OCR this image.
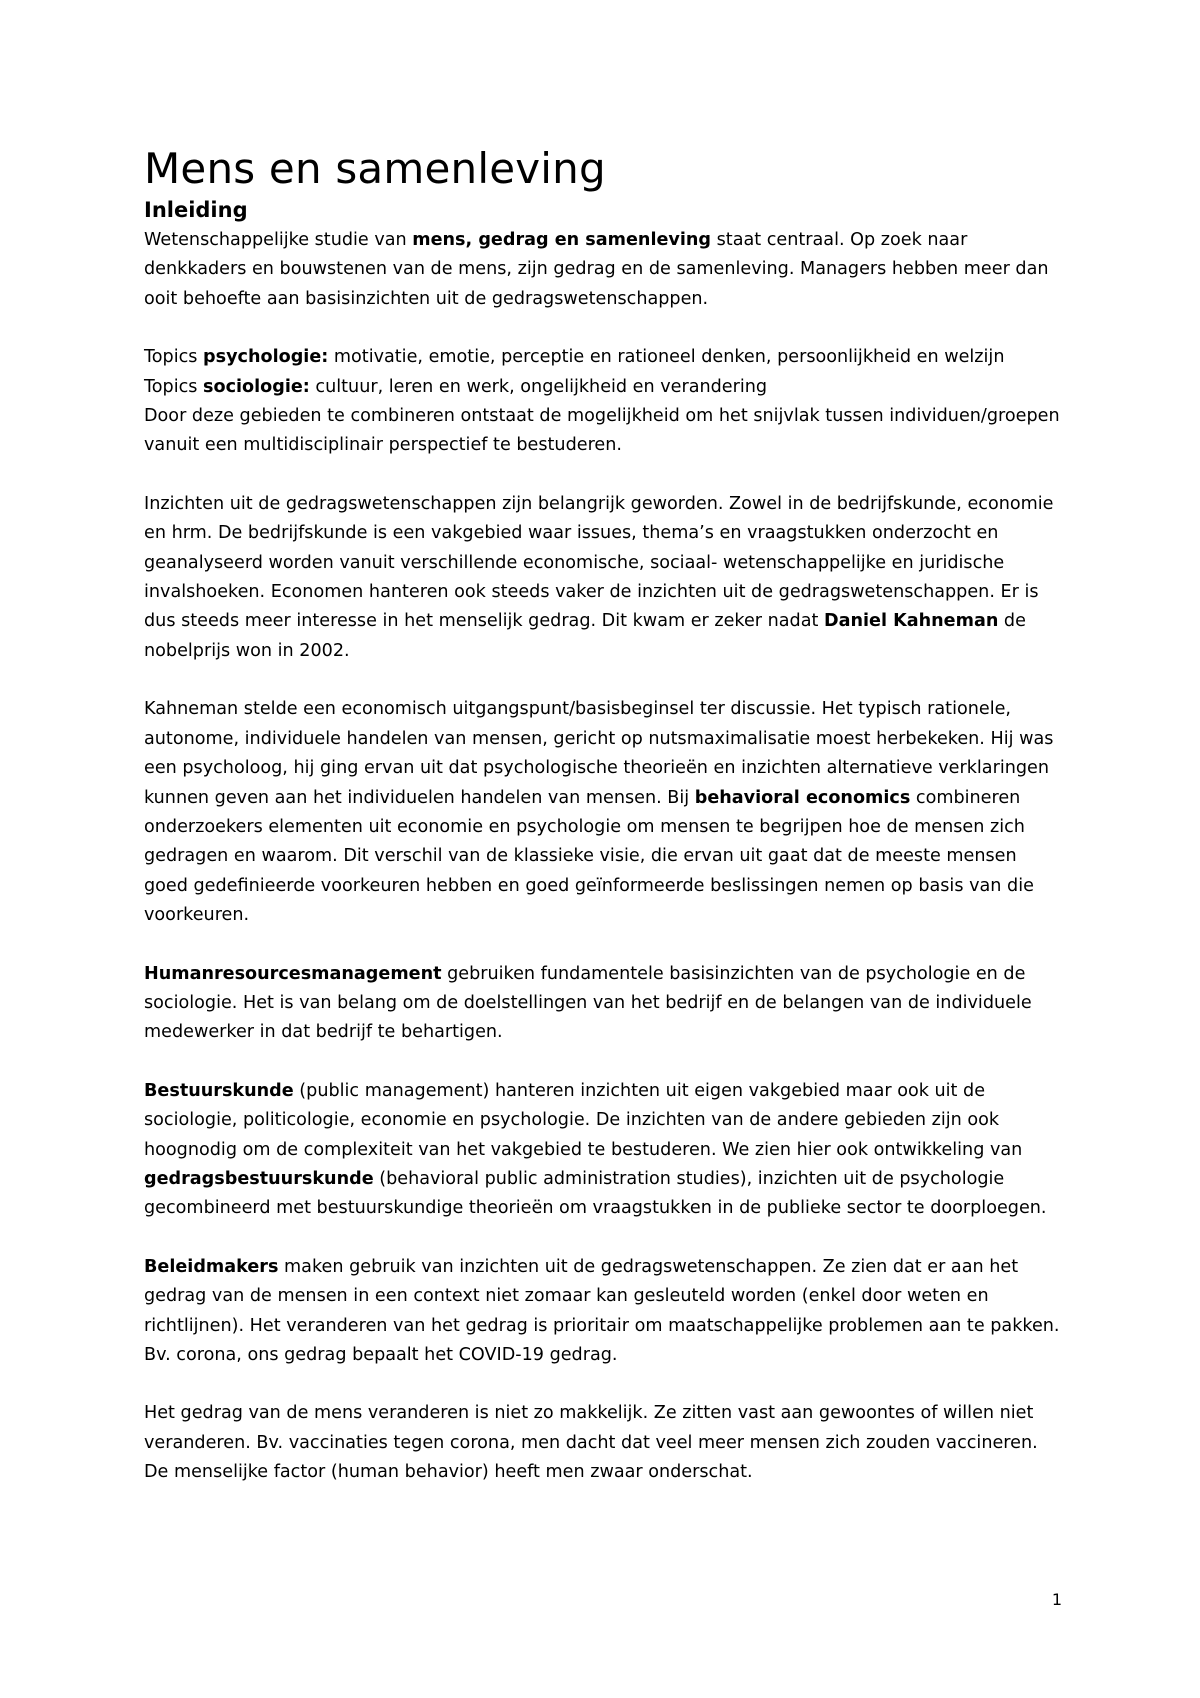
Mens en samenleving
Inleiding

Wetenschappelijke studie van mens, gedrag en samenleving staat centraal. Op zoek naar denkkaders en bouwstenen van de mens, zijn gedrag en de samenleving. Managers hebben meer dan ooit behoefte aan basisinzichten uit de gedragswetenschappen.

Topics psychologie: motivatie, emotie, perceptie en rationeel denken, persoonlijkheid en welzijn
Topics sociologie: cultuur, leren en werk, ongelijkheid en verandering
Door deze gebieden te combineren ontstaat de mogelijkheid om het snijvlak tussen individuen/groepen vanuit een multidisciplinair perspectief te bestuderen.

Inzichten uit de gedragswetenschappen zijn belangrijk geworden. Zowel in de bedrijfskunde, economie en hrm. De bedrijfskunde is een vakgebied waar issues, thema’s en vraagstukken onderzocht en geanalyseerd worden vanuit verschillende economische, sociaal- wetenschappelijke en juridische invalshoeken. Economen hanteren ook steeds vaker de inzichten uit de gedragswetenschappen. Er is dus steeds meer interesse in het menselijk gedrag. Dit kwam er zeker nadat Daniel Kahneman de nobelprijs won in 2002.

Kahneman stelde een economisch uitgangspunt/basisbeginsel ter discussie. Het typisch rationele, autonome, individuele handelen van mensen, gericht op nutsmaximalisatie moest herbekeken. Hij was een psycholoog, hij ging ervan uit dat psychologische theorieën en inzichten alternatieve verklaringen kunnen geven aan het individuelen handelen van mensen. Bij behavioral economics combineren onderzoekers elementen uit economie en psychologie om mensen te begrijpen hoe de mensen zich gedragen en waarom. Dit verschil van de klassieke visie, die ervan uit gaat dat de meeste mensen goed gedefinieerde voorkeuren hebben en goed geïnformeerde beslissingen nemen op basis van die voorkeuren.

Humanresourcesmanagement gebruiken fundamentele basisinzichten van de psychologie en de sociologie. Het is van belang om de doelstellingen van het bedrijf en de belangen van de individuele medewerker in dat bedrijf te behartigen.

Bestuurskunde (public management) hanteren inzichten uit eigen vakgebied maar ook uit de sociologie, politicologie, economie en psychologie. De inzichten van de andere gebieden zijn ook hoognodig om de complexiteit van het vakgebied te bestuderen. We zien hier ook ontwikkeling van gedragsbestuurskunde (behavioral public administration studies), inzichten uit de psychologie gecombineerd met bestuurskundige theorieën om vraagstukken in de publieke sector te doorploegen.

Beleidmakers maken gebruik van inzichten uit de gedragswetenschappen. Ze zien dat er aan het gedrag van de mensen in een context niet zomaar kan gesleuteld worden (enkel door weten en richtlijnen). Het veranderen van het gedrag is prioritair om maatschappelijke problemen aan te pakken. Bv. corona, ons gedrag bepaalt het COVID-19 gedrag.

Het gedrag van de mens veranderen is niet zo makkelijk. Ze zitten vast aan gewoontes of willen niet veranderen. Bv. vaccinaties tegen corona, men dacht dat veel meer mensen zich zouden vaccineren. De menselijke factor (human behavior) heeft men zwaar onderschat.

1
